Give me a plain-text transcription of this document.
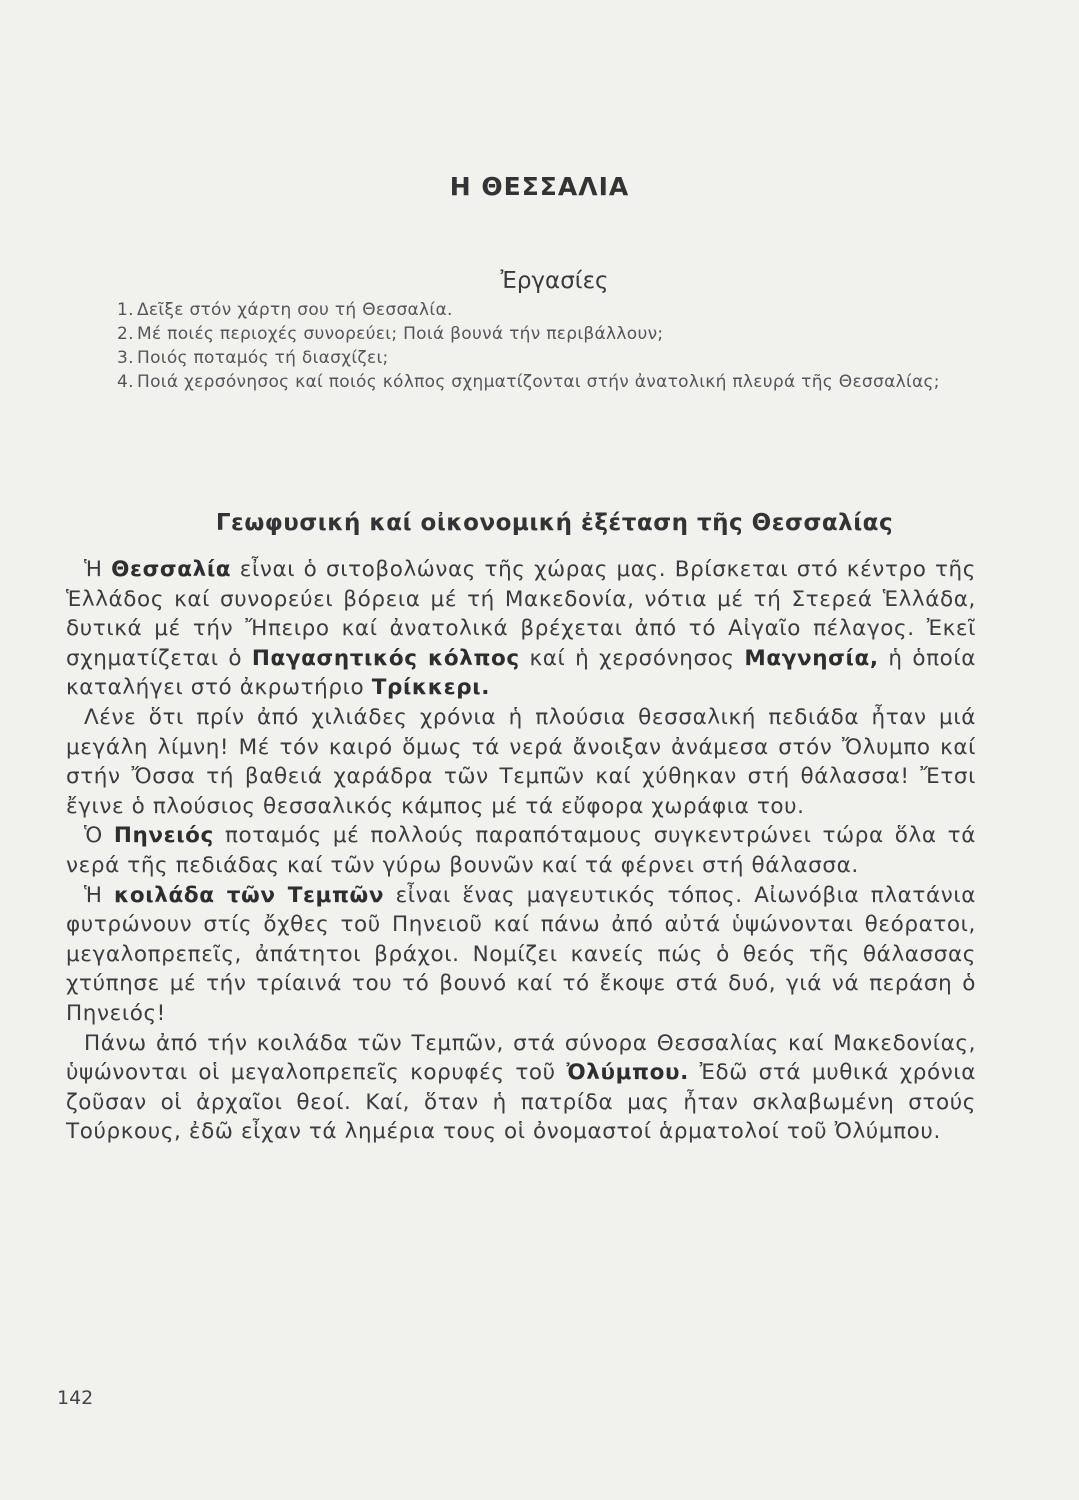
Η ΘΕΣΣΑΛΙΑ
Ἐργασίες
1. Δεῖξε στόν χάρτη σου τή Θεσσαλία.
2. Μέ ποιές περιοχές συνορεύει; Ποιά βουνά τήν περιβάλλουν;
3. Ποιός ποταμός τή διασχίζει;
4. Ποιά χερσόνησος καί ποιός κόλπος σχηματίζονται στήν ἀνατολική πλευρά τῆς Θεσσαλίας;
Γεωφυσική καί οἰκονομική ἐξέταση τῆς Θεσσαλίας

Ἡ Θεσσαλία εἶναι ὁ σιτοβολώνας τῆς χώρας μας. Βρίσκεται στό κέντρο τῆς Ἑλλάδος καί συνορεύει βόρεια μέ τή Μακεδονία, νότια μέ τή Στερεά Ἑλλάδα, δυτικά μέ τήν Ἤπειρο καί ἀνατολικά βρέχεται ἀπό τό Αἰγαῖο πέλαγος. Ἐκεῖ σχηματίζεται ὁ Παγασητικός κόλπος καί ἡ χερσόνησος Μαγνησία, ἡ ὁποία καταλήγει στό ἀκρωτήριο Τρίκκερι.

Λένε ὅτι πρίν ἀπό χιλιάδες χρόνια ἡ πλούσια θεσσαλική πεδιάδα ἦταν μιά μεγάλη λίμνη! Μέ τόν καιρό ὅμως τά νερά ἄνοιξαν ἀνάμεσα στόν Ὄλυμπο καί στήν Ὄσσα τή βαθειά χαράδρα τῶν Τεμπῶν καί χύθηκαν στή θάλασσα! Ἔτσι ἔγινε ὁ πλούσιος θεσσαλικός κάμπος μέ τά εὔφορα χωράφια του.

Ὁ Πηνειός ποταμός μέ πολλούς παραπόταμους συγκεντρώνει τώρα ὅλα τά νερά τῆς πεδιάδας καί τῶν γύρω βουνῶν καί τά φέρνει στή θάλασσα.

Ἡ κοιλάδα τῶν Τεμπῶν εἶναι ἕνας μαγευτικός τόπος. Αἰωνόβια πλατάνια φυτρώνουν στίς ὄχθες τοῦ Πηνειοῦ καί πάνω ἀπό αὐτά ὑψώνονται θεόρατοι, μεγαλοπρεπεῖς, ἀπάτητοι βράχοι. Νομίζει κανείς πώς ὁ θεός τῆς θάλασσας χτύπησε μέ τήν τρίαινά του τό βουνό καί τό ἔκοψε στά δυό, γιά νά περάση ὁ Πηνειός!

Πάνω ἀπό τήν κοιλάδα τῶν Τεμπῶν, στά σύνορα Θεσσαλίας καί Μακεδονίας, ὑψώνονται οἱ μεγαλοπρεπεῖς κορυφές τοῦ Ὀλύμπου. Ἐδῶ στά μυθικά χρόνια ζοῦσαν οἱ ἀρχαῖοι θεοί. Καί, ὅταν ἡ πατρίδα μας ἦταν σκλαβωμένη στούς Τούρκους, ἐδῶ εἶχαν τά λημέρια τους οἱ ὀνομαστοί ἁρματολοί τοῦ Ὀλύμπου.

142
